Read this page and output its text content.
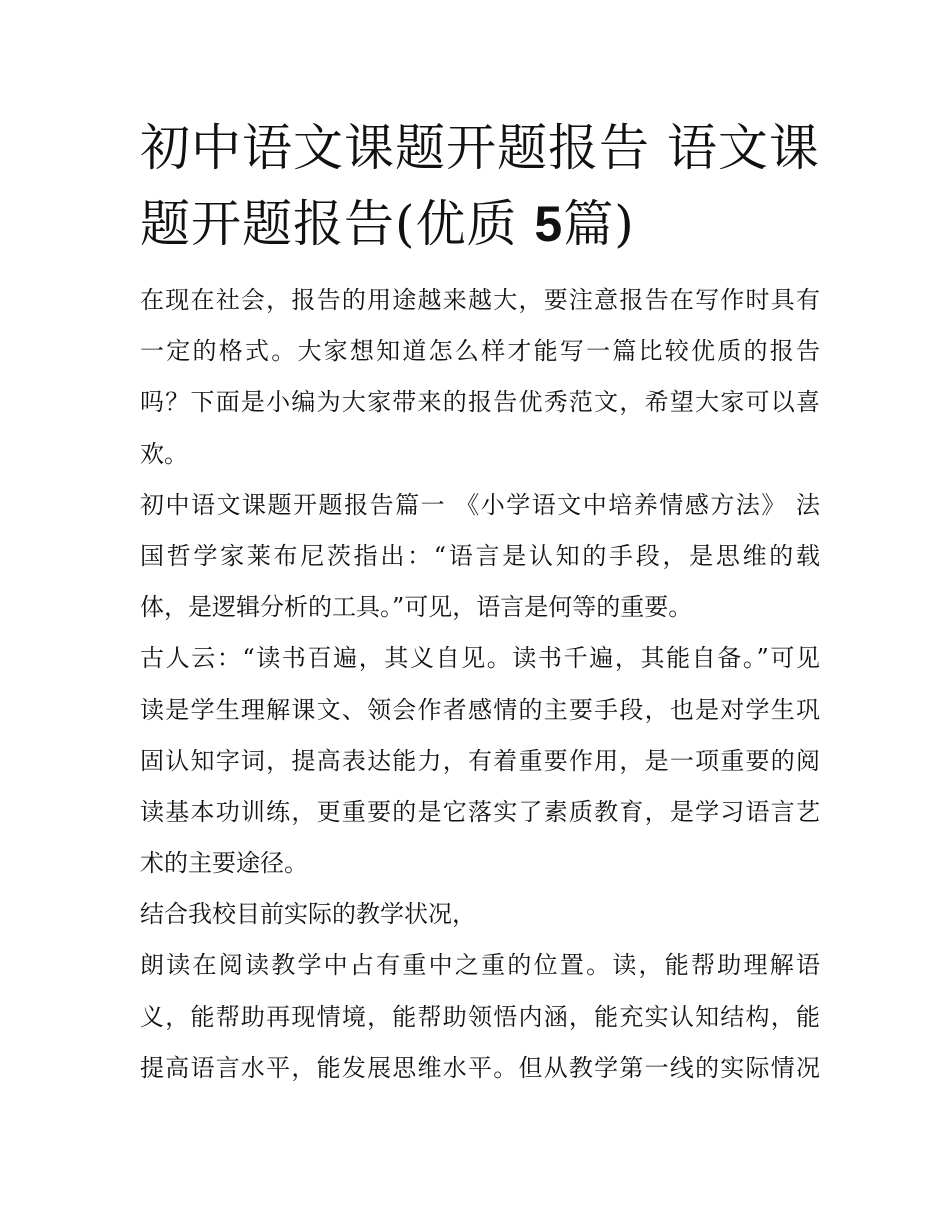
初中语文课题开题报告 语文课
题开题报告(优质 5篇)
在现在社会，报告的用途越来越大，要注意报告在写作时具有
一定的格式。大家想知道怎么样才能写一篇比较优质的报告
吗？下面是小编为大家带来的报告优秀范文，希望大家可以喜
欢。
初中语文课题开题报告篇一 《小学语文中培养情感方法》 法
国哲学家莱布尼茨指出：“语言是认知的手段，是思维的载
体，是逻辑分析的工具。”可见，语言是何等的重要。
古人云：“读书百遍，其义自见。读书千遍，其能自备。”可见
读是学生理解课文、领会作者感情的主要手段，也是对学生巩
固认知字词，提高表达能力，有着重要作用，是一项重要的阅
读基本功训练，更重要的是它落实了素质教育，是学习语言艺
术的主要途径。
结合我校目前实际的教学状况，
朗读在阅读教学中占有重中之重的位置。读，能帮助理解语
义，能帮助再现情境，能帮助领悟内涵，能充实认知结构，能
提高语言水平，能发展思维水平。但从教学第一线的实际情况
